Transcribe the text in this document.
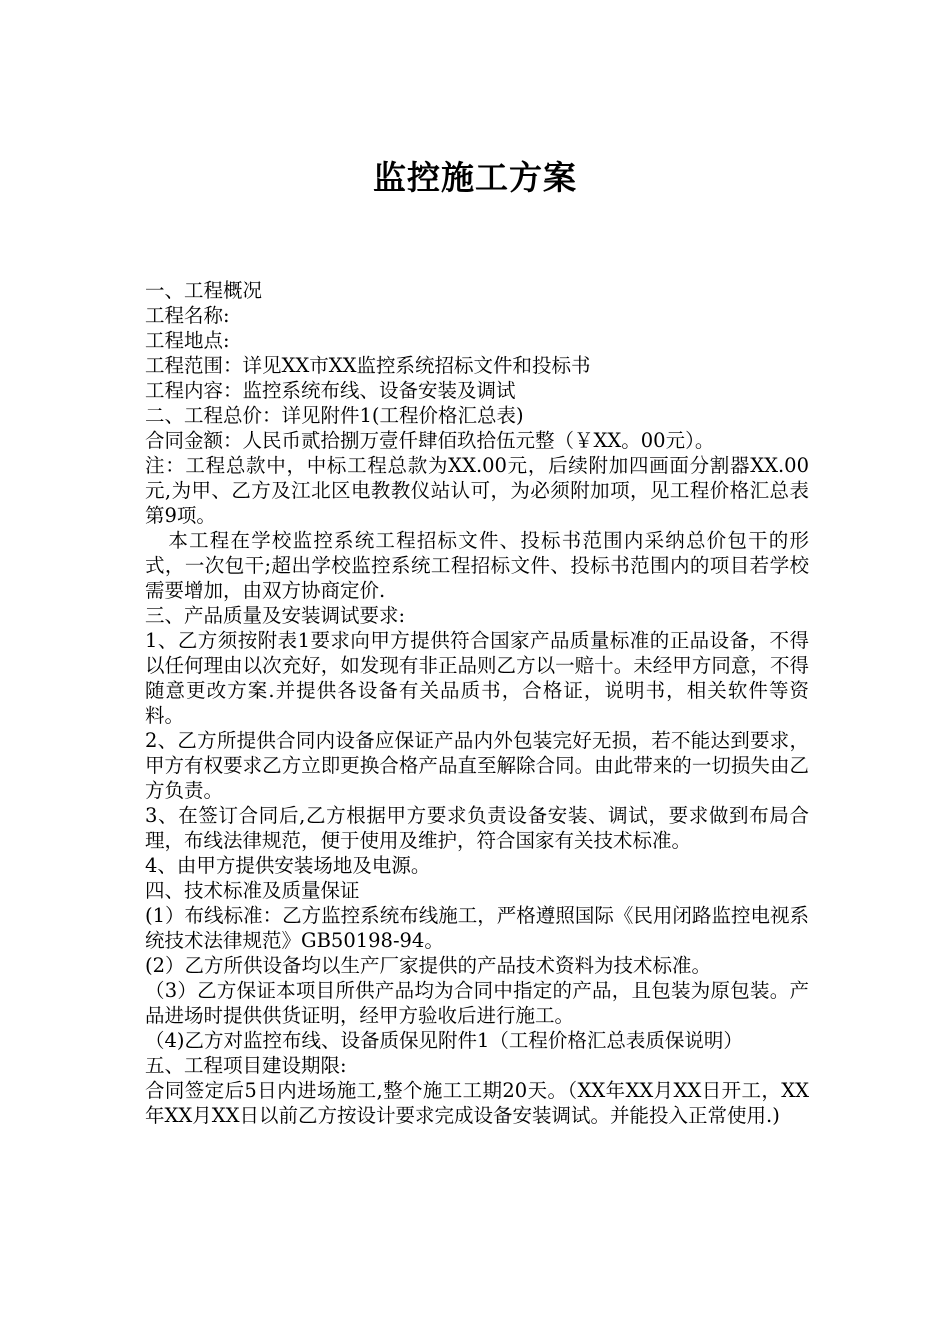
监控施工方案

一、工程概况

工程名称:

工程地点:

工程范围：详见XX市XX监控系统招标文件和投标书

工程内容：监控系统布线、设备安装及调试

二、工程总价：详见附件1(工程价格汇总表)

合同金额：人民币贰拾捌万壹仟肆佰玖拾伍元整（￥XX。00元）。

注：工程总款中，中标工程总款为XX.00元，后续附加四画面分割器XX.00元,为甲、乙方及江北区电教教仪站认可，为必须附加项，见工程价格汇总表第9项。

本工程在学校监控系统工程招标文件、投标书范围内采纳总价包干的形式，一次包干;超出学校监控系统工程招标文件、投标书范围内的项目若学校需要增加，由双方协商定价.

三、产品质量及安装调试要求:

1、乙方须按附表1要求向甲方提供符合国家产品质量标准的正品设备，不得以任何理由以次充好，如发现有非正品则乙方以一赔十。未经甲方同意，不得随意更改方案.并提供各设备有关品质书，合格证，说明书，相关软件等资料。

2、乙方所提供合同内设备应保证产品内外包装完好无损，若不能达到要求，甲方有权要求乙方立即更换合格产品直至解除合同。由此带来的一切损失由乙方负责。

3、在签订合同后,乙方根据甲方要求负责设备安装、调试，要求做到布局合理，布线法律规范，便于使用及维护，符合国家有关技术标准。

4、由甲方提供安装场地及电源。

四、技术标准及质量保证

(1）布线标准：乙方监控系统布线施工，严格遵照国际《民用闭路监控电视系统技术法律规范》GB50198-94。

(2）乙方所供设备均以生产厂家提供的产品技术资料为技术标准。

（3）乙方保证本项目所供产品均为合同中指定的产品，且包装为原包装。产品进场时提供供货证明，经甲方验收后进行施工。

（4)乙方对监控布线、设备质保见附件1（工程价格汇总表质保说明）

五、工程项目建设期限:

合同签定后5日内进场施工,整个施工工期20天。（XX年XX月XX日开工，XX年XX月XX日以前乙方按设计要求完成设备安装调试。并能投入正常使用.)
